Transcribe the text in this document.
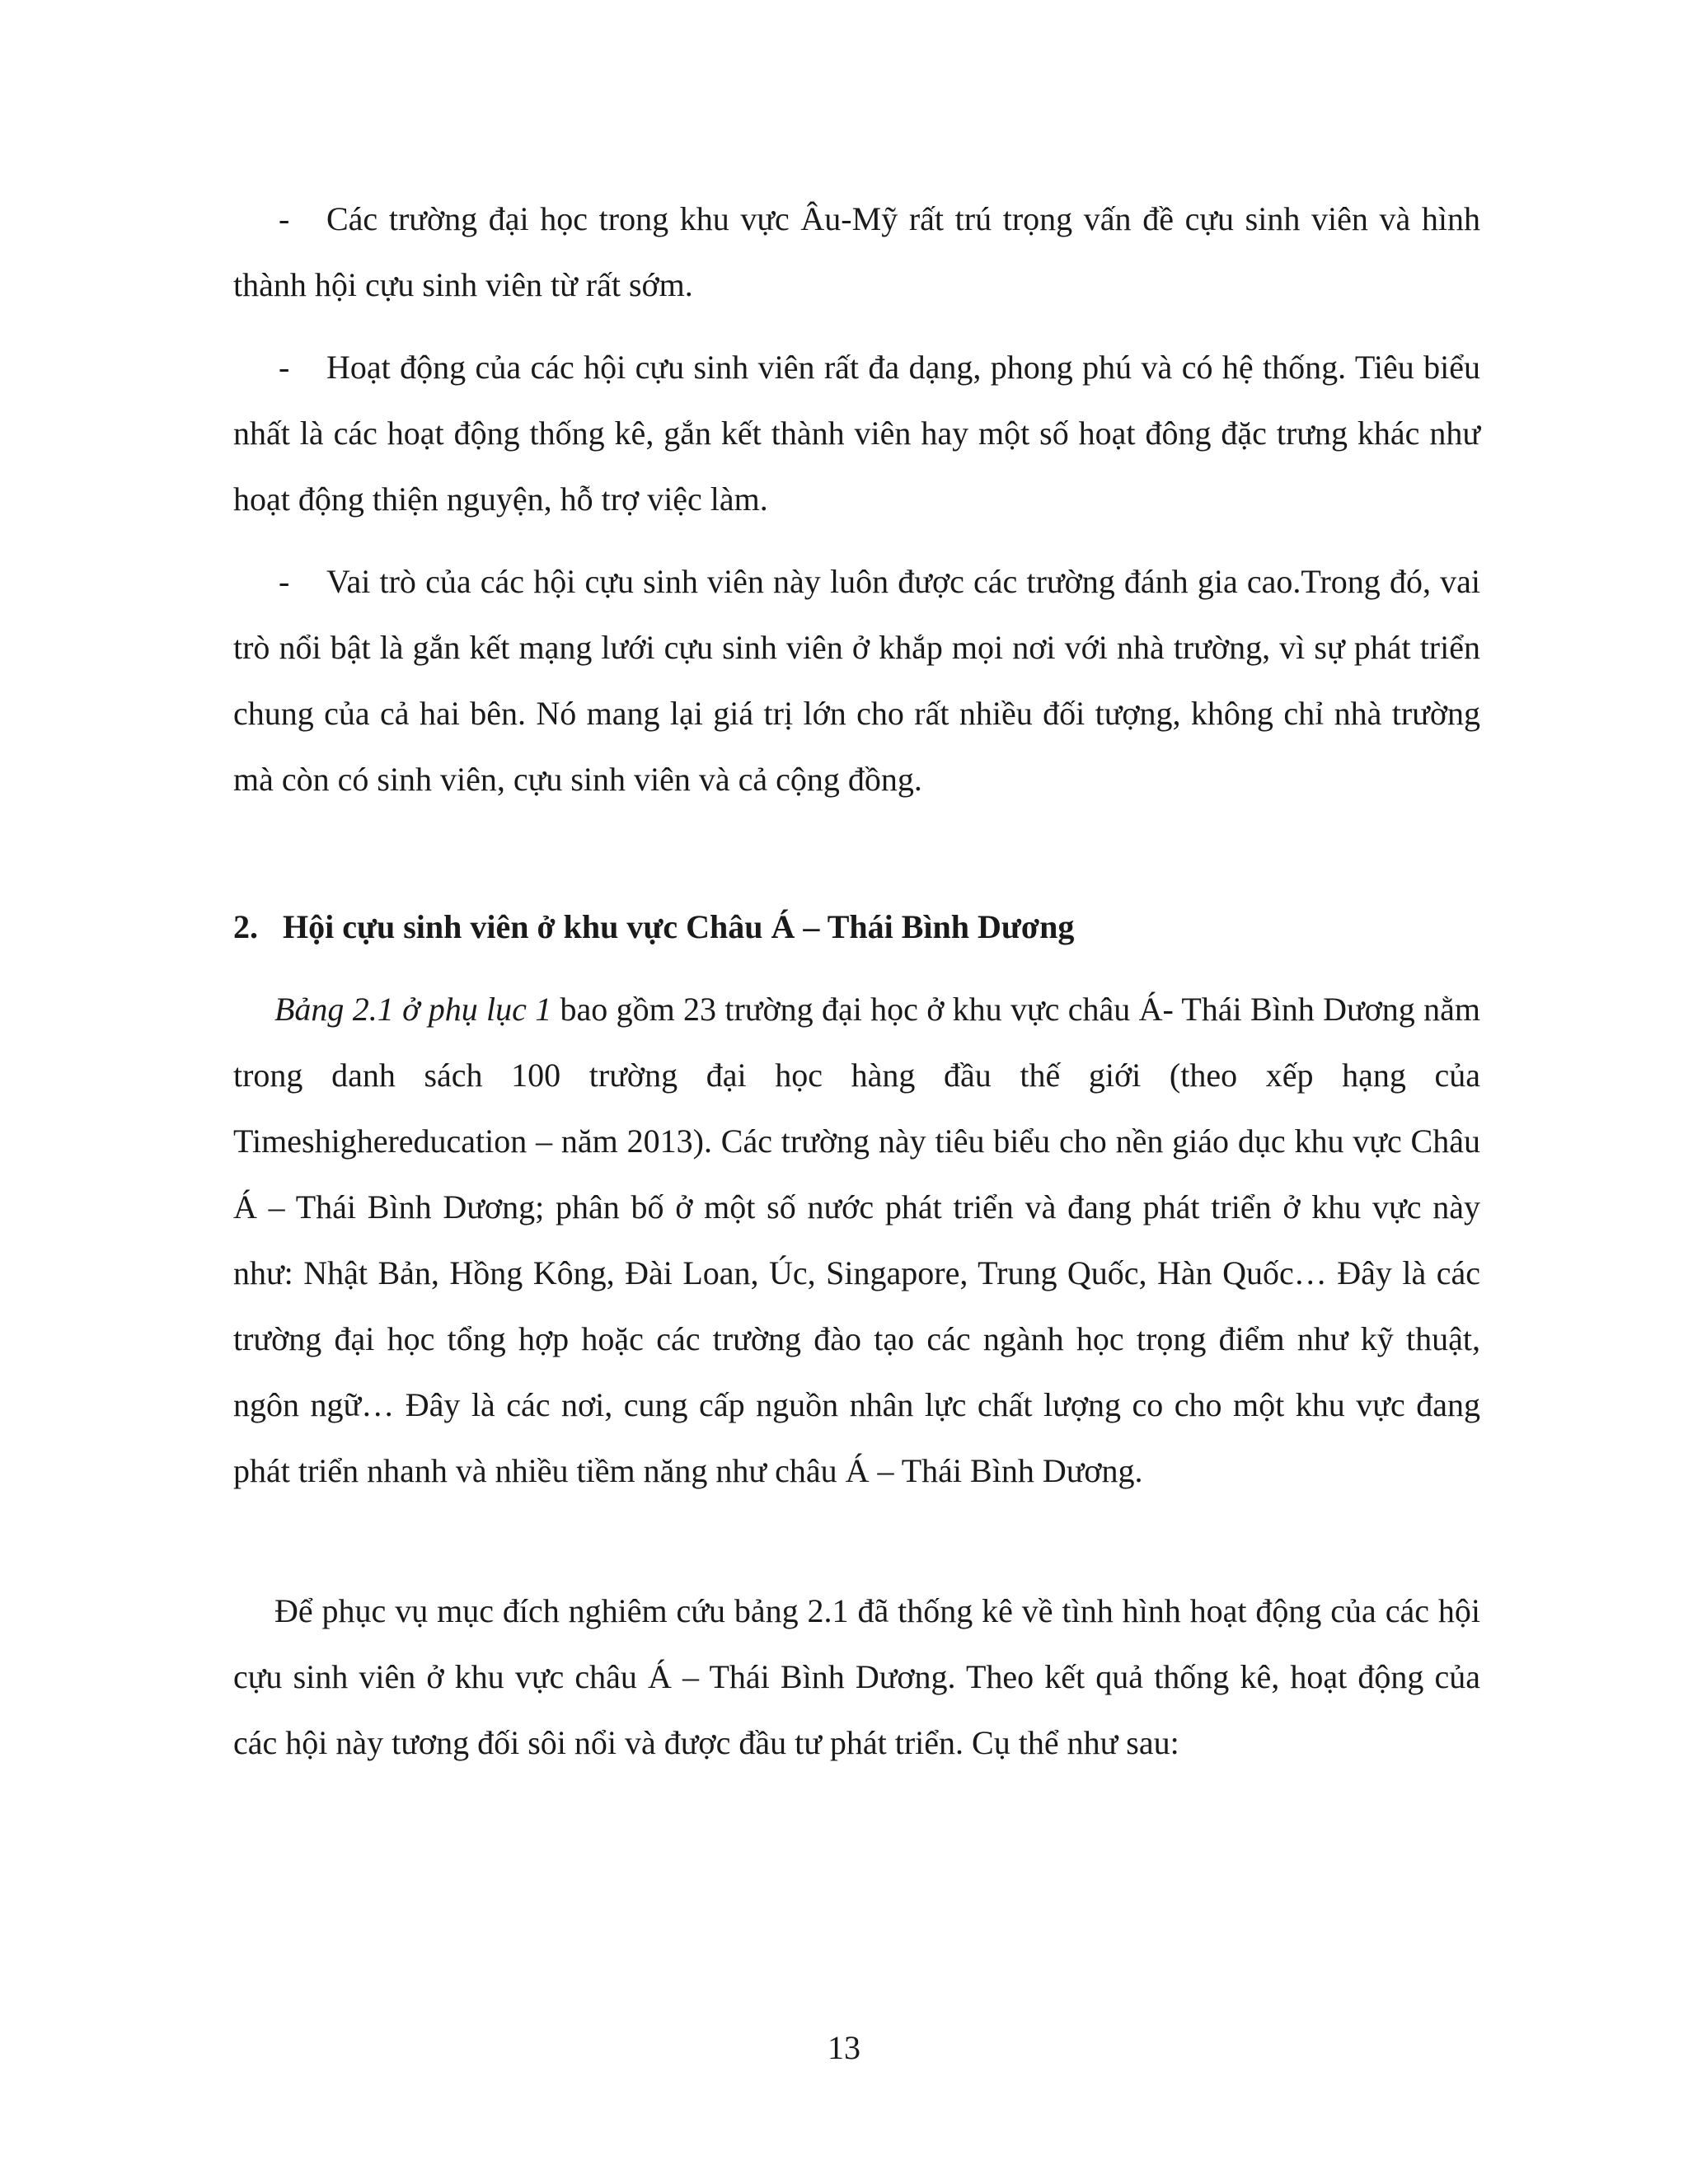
- Các trường đại học trong khu vực Âu-Mỹ rất trú trọng vấn đề cựu sinh viên và hình thành hội cựu sinh viên từ rất sớm.

- Hoạt động của các hội cựu sinh viên rất đa dạng, phong phú và có hệ thống. Tiêu biểu nhất là các hoạt động thống kê, gắn kết thành viên hay một số hoạt đông đặc trưng khác như hoạt động thiện nguyện, hỗ trợ việc làm.

- Vai trò của các hội cựu sinh viên này luôn được các trường đánh gia cao.Trong đó, vai trò nổi bật là gắn kết mạng lưới cựu sinh viên ở khắp mọi nơi với nhà trường, vì sự phát triển chung của cả hai bên. Nó mang lại giá trị lớn cho rất nhiều đối tượng, không chỉ nhà trường mà còn có sinh viên, cựu sinh viên và cả cộng đồng.

2. Hội cựu sinh viên ở khu vực Châu Á – Thái Bình Dương

Bảng 2.1 ở phụ lục 1 bao gồm 23 trường đại học ở khu vực châu Á- Thái Bình Dương nằm trong danh sách 100 trường đại học hàng đầu thế giới (theo xếp hạng của Timeshighereducation – năm 2013). Các trường này tiêu biểu cho nền giáo dục khu vực Châu Á – Thái Bình Dương; phân bố ở một số nước phát triển và đang phát triển ở khu vực này như: Nhật Bản, Hồng Kông, Đài Loan, Úc, Singapore, Trung Quốc, Hàn Quốc… Đây là các trường đại học tổng hợp hoặc các trường đào tạo các ngành học trọng điểm như kỹ thuật, ngôn ngữ… Đây là các nơi, cung cấp nguồn nhân lực chất lượng co cho một khu vực đang phát triển nhanh và nhiều tiềm năng như châu Á – Thái Bình Dương.

Để phục vụ mục đích nghiêm cứu bảng 2.1 đã thống kê về tình hình hoạt động của các hội cựu sinh viên ở khu vực châu Á – Thái Bình Dương. Theo kết quả thống kê, hoạt động của các hội này tương đối sôi nổi và được đầu tư phát triển. Cụ thể như sau:

13
